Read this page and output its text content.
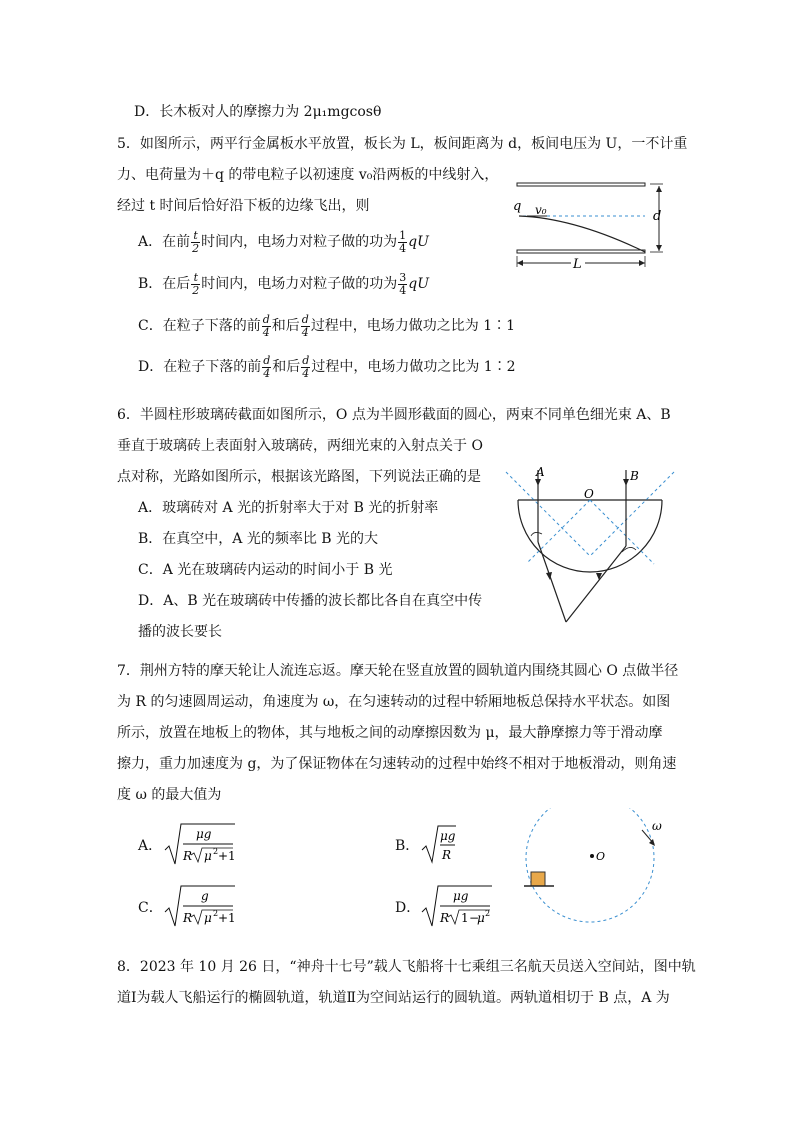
D．长木板对人的摩擦力为 2μ₁mgcosθ
5．如图所示，两平行金属板水平放置，板长为 L，板间距离为 d，板间电压为 U，一不计重
力、电荷量为＋q 的带电粒子以初速度 v₀沿两板的中线射入，
经过 t 时间后恰好沿下板的边缘飞出，则
A．在前 $\frac{t}{2}$ 时间内，电场力对粒子做的功为 $\frac{1}{4}$ qU
B．在后 $\frac{t}{2}$ 时间内，电场力对粒子做的功为 $\frac{3}{4}$ qU
C．在粒子下落的前 $\frac{d}{4}$ 和后 $\frac{d}{4}$ 过程中，电场力做功之比为 1∶1
D．在粒子下落的前 $\frac{d}{4}$ 和后 $\frac{d}{4}$ 过程中，电场力做功之比为 1∶2
q v₀	d
L
6．半圆柱形玻璃砖截面如图所示，O 点为半圆形截面的圆心，两束不同单色细光束 A、B
垂直于玻璃砖上表面射入玻璃砖，两细光束的入射点关于 O
点对称，光路如图所示，根据该光路图，下列说法正确的是
A．玻璃砖对 A 光的折射率大于对 B 光的折射率
B．在真空中，A 光的频率比 B 光的大
C．A 光在玻璃砖内运动的时间小于 B 光
D．A、B 光在玻璃砖中传播的波长都比各自在真空中传
播的波长要长
A	B
O
7．荆州方特的摩天轮让人流连忘返。摩天轮在竖直放置的圆轨道内围绕其圆心 O 点做半径
为 R 的匀速圆周运动，角速度为 ω，在匀速转动的过程中轿厢地板总保持水平状态。如图
所示，放置在地板上的物体，其与地板之间的动摩擦因数为 μ，最大静摩擦力等于滑动摩
擦力，重力加速度为 g，为了保证物体在匀速转动的过程中始终不相对于地板滑动，则角速
度 ω 的最大值为
A．
μg
R μ 2 +1
B．
μg
R
C．
g
R μ 2 +1
D．
μg
R 1 −
μ 2
O
ω
8．2023 年 10 月 26 日，“神舟十七号”载人飞船将十七乘组三名航天员送入空间站，图中轨
道Ⅰ为载人飞船运行的椭圆轨道，轨道Ⅱ为空间站运行的圆轨道。两轨道相切于 B 点，A 为
